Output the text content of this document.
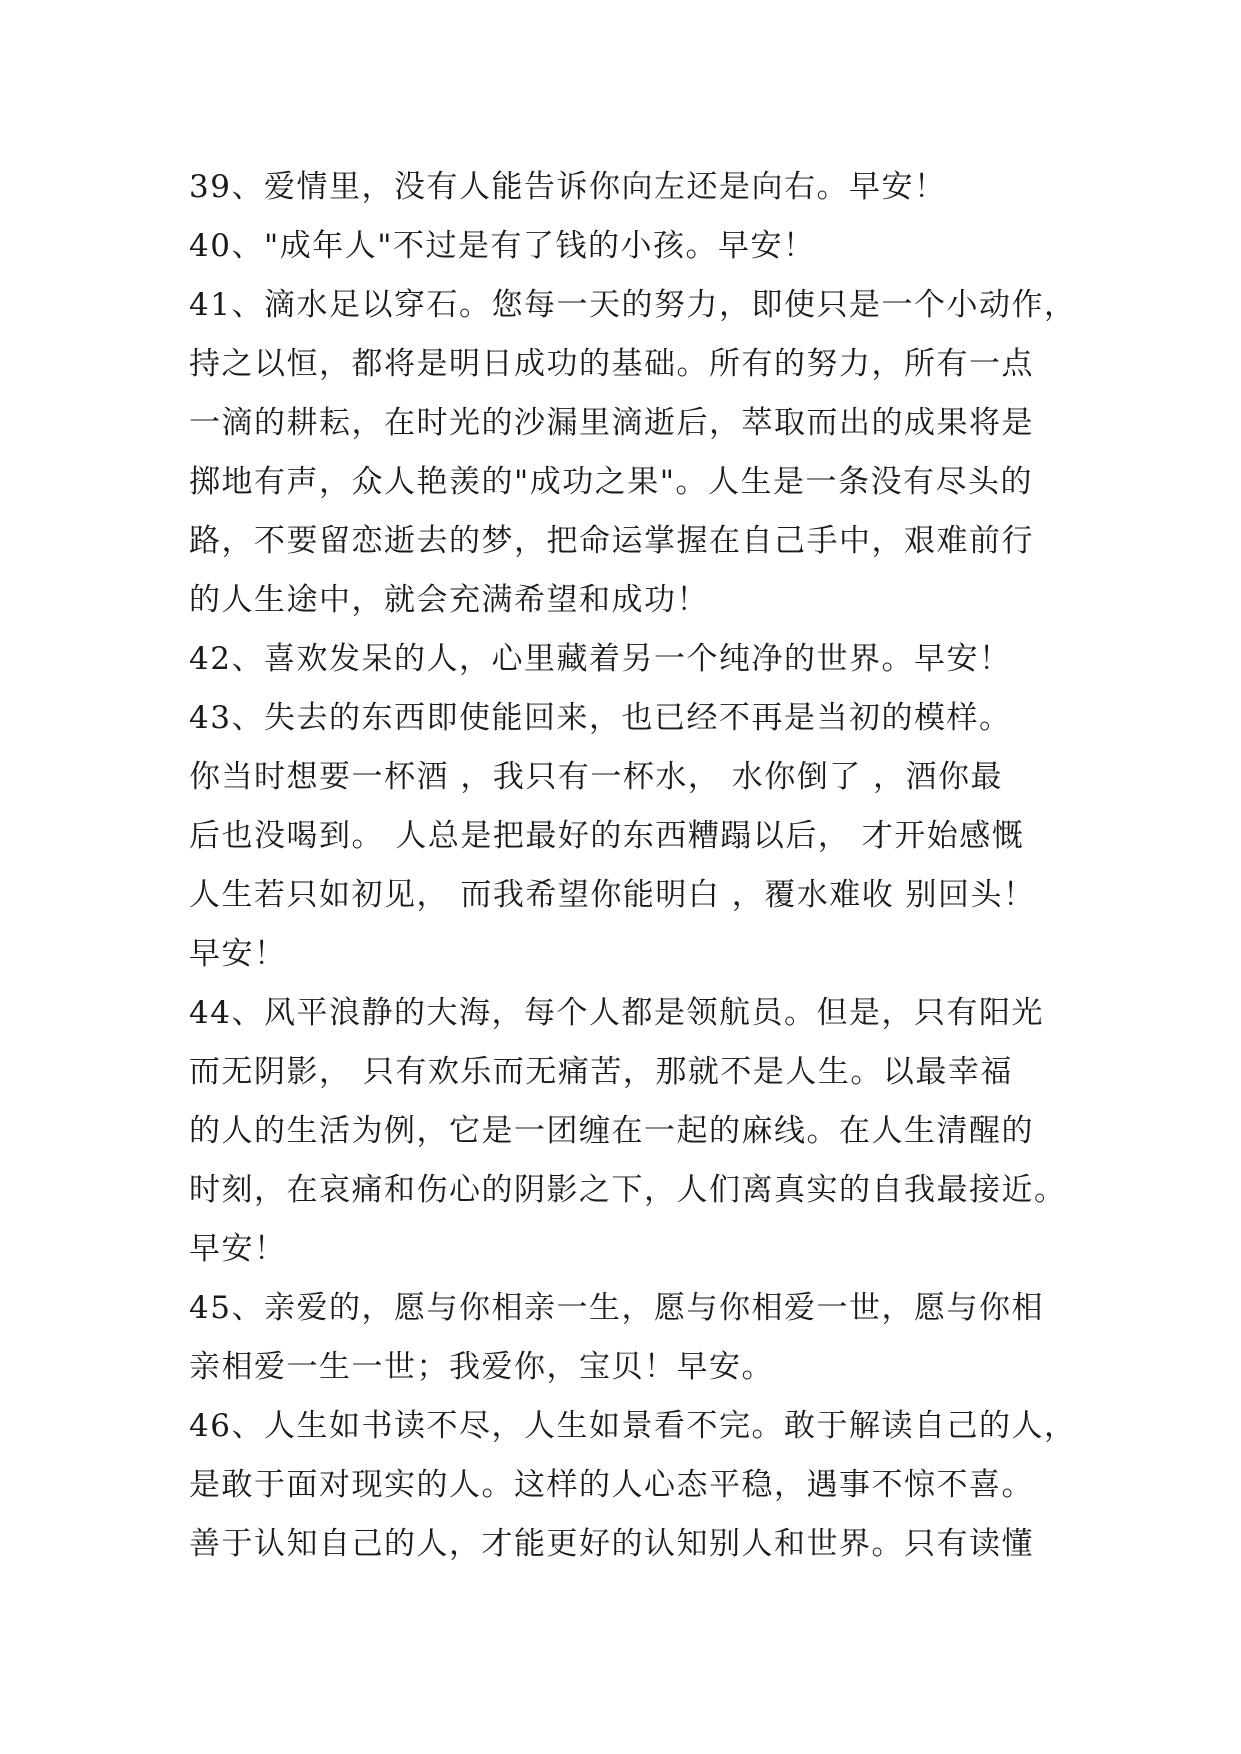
39、爱情里，没有人能告诉你向左还是向右。早安！
40、"成年人"不过是有了钱的小孩。早安！
41、滴水足以穿石。您每一天的努力，即使只是一个小动作，
持之以恒，都将是明日成功的基础。所有的努力，所有一点
一滴的耕耘，在时光的沙漏里滴逝后，萃取而出的成果将是
掷地有声，众人艳羡的"成功之果"。人生是一条没有尽头的
路，不要留恋逝去的梦，把命运掌握在自己手中，艰难前行
的人生途中，就会充满希望和成功！
42、喜欢发呆的人，心里藏着另一个纯净的世界。早安！
43、失去的东西即使能回来，也已经不再是当初的模样。
你当时想要一杯酒 ，我只有一杯水， 水你倒了 ，酒你最
后也没喝到。 人总是把最好的东西糟蹋以后， 才开始感慨
人生若只如初见， 而我希望你能明白 ，覆水难收 别回头！
早安！
44、风平浪静的大海，每个人都是领航员。但是，只有阳光
而无阴影， 只有欢乐而无痛苦，那就不是人生。以最幸福
的人的生活为例，它是一团缠在一起的麻线。在人生清醒的
时刻，在哀痛和伤心的阴影之下，人们离真实的自我最接近。
早安！
45、亲爱的，愿与你相亲一生，愿与你相爱一世，愿与你相
亲相爱一生一世；我爱你，宝贝！早安。
46、人生如书读不尽，人生如景看不完。敢于解读自己的人，
是敢于面对现实的人。这样的人心态平稳，遇事不惊不喜。
善于认知自己的人，才能更好的认知别人和世界。只有读懂
